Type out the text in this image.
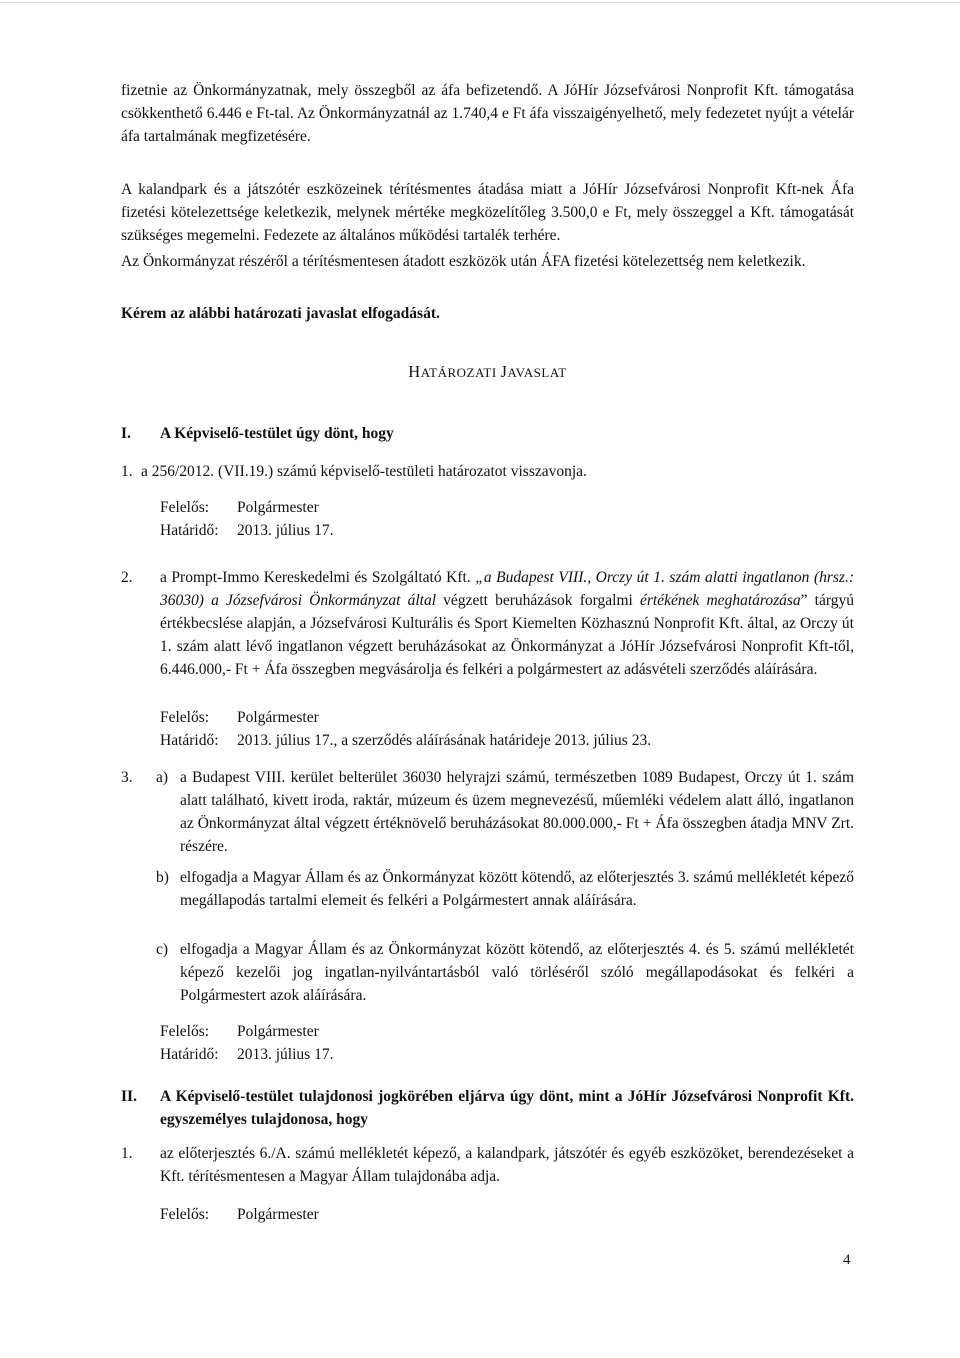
fizetnie az Önkormányzatnak, mely összegből az áfa befizetendő. A JóHír Józsefvárosi Nonprofit Kft. támogatása csökkenthető 6.446 e Ft-tal. Az Önkormányzatnál az 1.740,4 e Ft áfa visszaigényelhető, mely fedezetet nyújt a vételár áfa tartalmának megfizetésére.

A kalandpark és a játszótér eszközeinek térítésmentes átadása miatt a JóHír Józsefvárosi Nonprofit Kft-nek Áfa fizetési kötelezettsége keletkezik, melynek mértéke megközelítőleg 3.500,0 e Ft, mely összeggel a Kft. támogatását szükséges megemelni. Fedezete az általános működési tartalék terhére.

Az Önkormányzat részéről a térítésmentesen átadott eszközök után ÁFA fizetési kötelezettség nem keletkezik.

Kérem az alábbi határozati javaslat elfogadását.

HATÁROZATI JAVASLAT
I.	A Képviselő-testület úgy dönt, hogy
1. a 256/2012. (VII.19.) számú képviselő-testületi határozatot visszavonja.
Felelős:	Polgármester
Határidő:	2013. július 17.
2.	a Prompt-Immo Kereskedelmi és Szolgáltató Kft. „a Budapest VIII., Orczy út 1. szám alatti ingatlanon (hrsz.: 36030) a Józsefvárosi Önkormányzat által végzett beruházások forgalmi értékének meghatározása” tárgyú értékbecslése alapján, a Józsefvárosi Kulturális és Sport Kiemelten Közhasznú Nonprofit Kft. által, az Orczy út 1. szám alatt lévő ingatlanon végzett beruházásokat az Önkormányzat a JóHír Józsefvárosi Nonprofit Kft-től, 6.446.000,- Ft + Áfa összegben megvásárolja és felkéri a polgármestert az adásvételi szerződés aláírására.
Felelős:	Polgármester
Határidő:	2013. július 17., a szerződés aláírásának határideje 2013. július 23.
3.	a) a Budapest VIII. kerület belterület 36030 helyrajzi számú, természetben 1089 Budapest, Orczy út 1. szám alatt található, kivett iroda, raktár, múzeum és üzem megnevezésű, műemléki védelem alatt álló, ingatlanon az Önkormányzat által végzett értéknövelő beruházásokat 80.000.000,- Ft + Áfa összegben átadja MNV Zrt. részére.
b) elfogadja a Magyar Állam és az Önkormányzat között kötendő, az előterjesztés 3. számú mellékletét képező megállapodás tartalmi elemeit és felkéri a Polgármestert annak aláírására.
c) elfogadja a Magyar Állam és az Önkormányzat között kötendő, az előterjesztés 4. és 5. számú mellékletét képező kezelői jog ingatlan-nyilvántartásból való törléséről szóló megállapodásokat és felkéri a Polgármestert azok aláírására.
Felelős:	Polgármester
Határidő:	2013. július 17.
II.	A Képviselő-testület tulajdonosi jogkörében eljárva úgy dönt, mint a JóHír Józsefvárosi Nonprofit Kft. egyszemélyes tulajdonosa, hogy
1.	az előterjesztés 6./A. számú mellékletét képező, a kalandpark, játszótér és egyéb eszközöket, berendezéseket a Kft. térítésmentesen a Magyar Állam tulajdonába adja.
Felelős:	Polgármester
4
